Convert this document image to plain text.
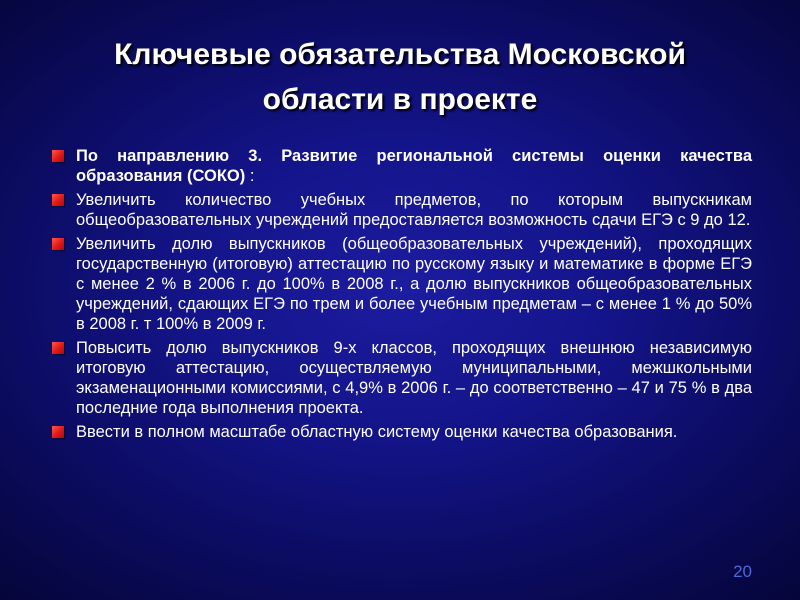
Ключевые обязательства Московской
области в проекте
По направлению 3. Развитие региональной системы оценки качества образования (СОКО) :
Увеличить количество учебных предметов, по которым выпускникам общеобразовательных учреждений предоставляется возможность сдачи ЕГЭ с 9 до 12.
Увеличить долю выпускников (общеобразовательных учреждений), проходящих государственную (итоговую) аттестацию по русскому языку и математике в форме ЕГЭ с менее 2 % в 2006 г. до 100% в 2008 г., а долю выпускников общеобразовательных учреждений, сдающих ЕГЭ по трем и более учебным предметам – с менее 1 % до 50% в 2008 г. т 100% в 2009 г.
Повысить долю выпускников 9-х классов, проходящих внешнюю независимую итоговую аттестацию, осуществляемую муниципальными, межшкольными экзаменационными комиссиями, с 4,9% в 2006 г. – до соответственно – 47 и 75 % в два последние года выполнения проекта.
Ввести в полном масштабе областную систему оценки качества образования.
20
